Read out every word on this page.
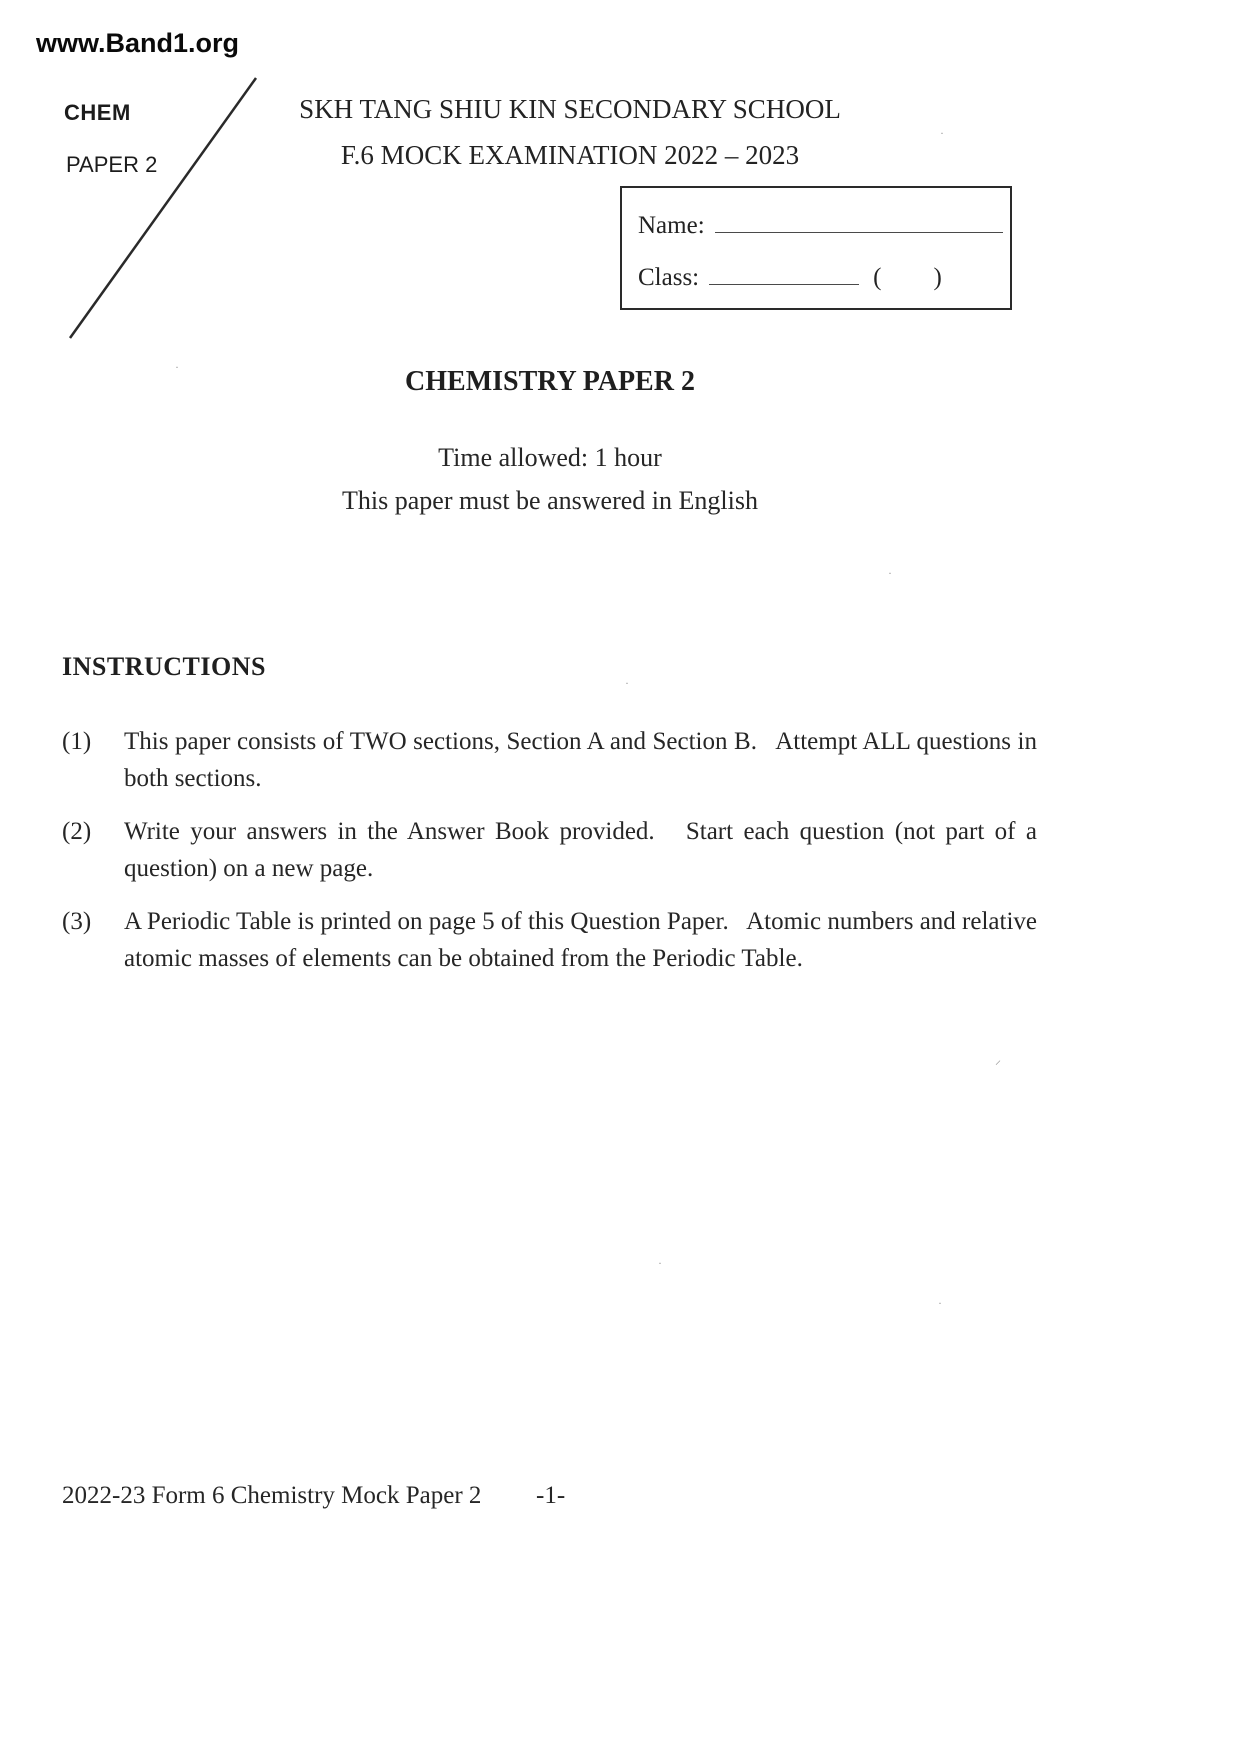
www.Band1.org
CHEM
PAPER 2
SKH TANG SHIU KIN SECONDARY SCHOOL
F.6 MOCK EXAMINATION 2022 – 2023
Name:
Class:	( )
CHEMISTRY PAPER 2
Time allowed: 1 hour
This paper must be answered in English
INSTRUCTIONS
(1)	This paper consists of TWO sections, Section A and Section B.   Attempt ALL questions in both sections.
(2)	Write your answers in the Answer Book provided.   Start each question (not part of a question) on a new page.
(3)	A Periodic Table is printed on page 5 of this Question Paper.   Atomic numbers and relative atomic masses of elements can be obtained from the Periodic Table.
2022-23 Form 6 Chemistry Mock Paper 2 -1-
·
·
·
·
⸍
·
·
